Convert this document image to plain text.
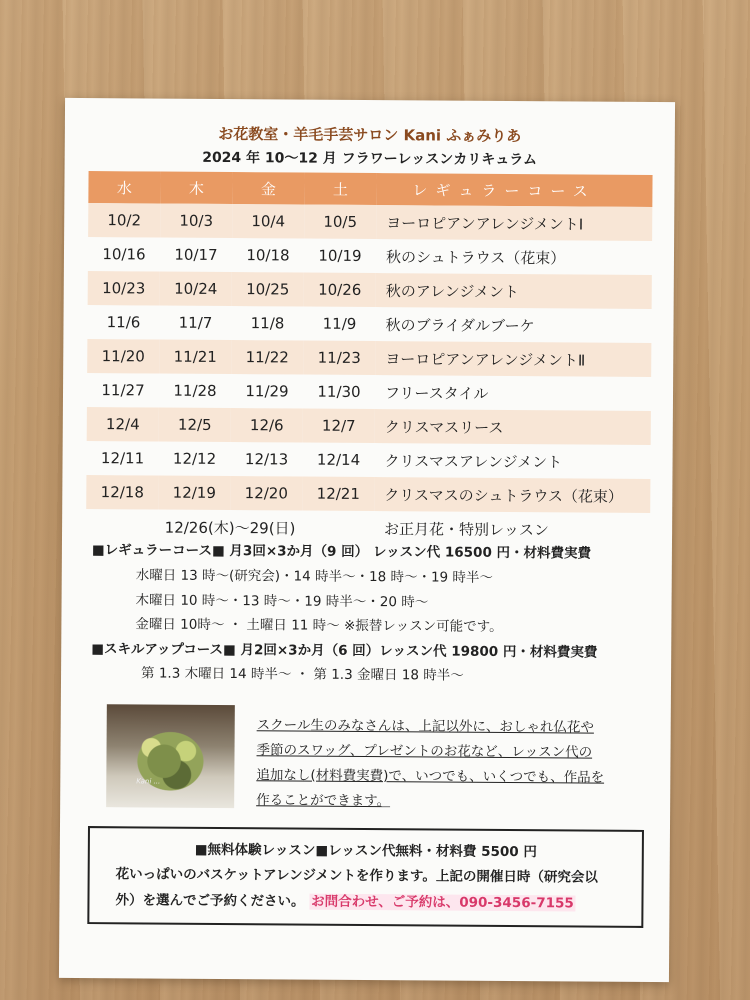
お花教室・羊毛手芸サロン Kani ふぁみりあ
2024 年 10～12 月 フラワーレッスンカリキュラム
水	木	金	土	レギュラーコース
10/2	10/3	10/4	10/5	ヨーロピアンアレンジメントⅠ
10/16	10/17	10/18	10/19	秋のシュトラウス（花束）
10/23	10/24	10/25	10/26	秋のアレンジメント
11/6	11/7	11/8	11/9	秋のブライダルブーケ
11/20	11/21	11/22	11/23	ヨーロピアンアレンジメントⅡ
11/27	11/28	11/29	11/30	フリースタイル
12/4	12/5	12/6	12/7	クリスマスリース
12/11	12/12	12/13	12/14	クリスマスアレンジメント
12/18	12/19	12/20	12/21	クリスマスのシュトラウス（花束）
12/26(木)～29(日)				お正月花・特別レッスン
■レギュラーコース■ 月3回×3か月（9 回） レッスン代 16500 円・材料費実費
水曜日 13 時～(研究会)・14 時半～・18 時～・19 時半～
木曜日 10 時～・13 時～・19 時半～・20 時～
金曜日 10時～ ・ 土曜日 11 時～ ※振替レッスン可能です。
■スキルアップコース■ 月2回×3か月（6 回）レッスン代 19800 円・材料費実費
第 1.3 木曜日 14 時半～ ・ 第 1.3 金曜日 18 時半～
Kani ...
スクール生のみなさんは、上記以外に、おしゃれ仏花や
季節のスワッグ、プレゼントのお花など、レッスン代の
追加なし(材料費実費)で、いつでも、いくつでも、作品を
作ることができます。
■無料体験レッスン■レッスン代無料・材料費 5500 円
花いっぱいのバスケットアレンジメントを作ります。上記の開催日時（研究会以
外）を選んでご予約ください。 お問合わせ、ご予約は、090-3456-7155
